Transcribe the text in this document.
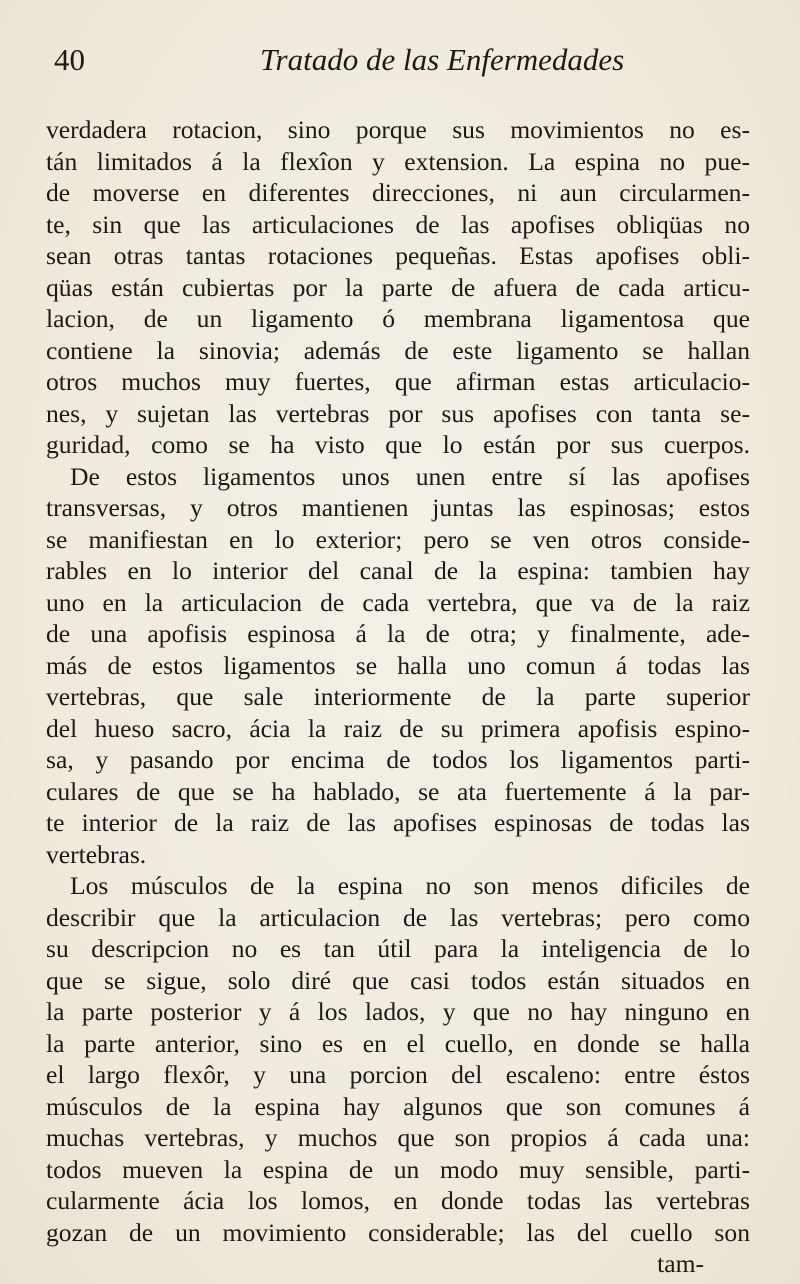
40	Tratado de las Enfermedades
verdadera rotacion, sino porque sus movimientos no es-
tán limitados á la flexîon y extension. La espina no pue-
de moverse en diferentes direcciones, ni aun circularmen-
te, sin que las articulaciones de las apofises obliqüas no
sean otras tantas rotaciones pequeñas. Estas apofises obli-
qüas están cubiertas por la parte de afuera de cada articu-
lacion, de un ligamento ó membrana ligamentosa que
contiene la sinovia; además de este ligamento se hallan
otros muchos muy fuertes, que afirman estas articulacio-
nes, y sujetan las vertebras por sus apofises con tanta se-
guridad, como se ha visto que lo están por sus cuerpos.
De estos ligamentos unos unen entre sí las apofises
transversas, y otros mantienen juntas las espinosas; estos
se manifiestan en lo exterior; pero se ven otros conside-
rables en lo interior del canal de la espina: tambien hay
uno en la articulacion de cada vertebra, que va de la raiz
de una apofisis espinosa á la de otra; y finalmente, ade-
más de estos ligamentos se halla uno comun á todas las
vertebras, que sale interiormente de la parte superior
del hueso sacro, ácia la raiz de su primera apofisis espino-
sa, y pasando por encima de todos los ligamentos parti-
culares de que se ha hablado, se ata fuertemente á la par-
te interior de la raiz de las apofises espinosas de todas las
vertebras.
Los músculos de la espina no son menos dificiles de
describir que la articulacion de las vertebras; pero como
su descripcion no es tan útil para la inteligencia de lo
que se sigue, solo diré que casi todos están situados en
la parte posterior y á los lados, y que no hay ninguno en
la parte anterior, sino es en el cuello, en donde se halla
el largo flexôr, y una porcion del escaleno: entre éstos
músculos de la espina hay algunos que son comunes á
muchas vertebras, y muchos que son propios á cada una:
todos mueven la espina de un modo muy sensible, parti-
cularmente ácia los lomos, en donde todas las vertebras
gozan de un movimiento considerable; las del cuello son
tam-
